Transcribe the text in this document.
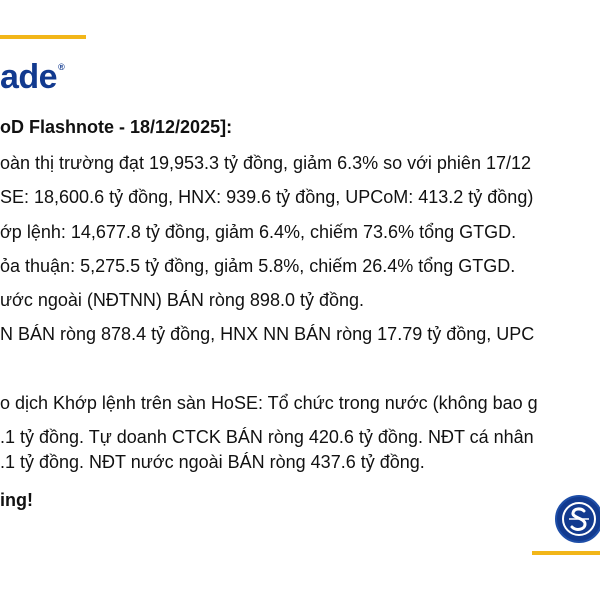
ade®
oD Flashnote - 18/12/2025]:
oàn thị trường đạt 19,953.3 tỷ đồng, giảm 6.3% so với phiên 17/12
SE: 18,600.6 tỷ đồng, HNX: 939.6 tỷ đồng, UPCoM: 413.2 tỷ đồng)
ớp lệnh: 14,677.8 tỷ đồng, giảm 6.4%, chiếm 73.6% tổng GTGD.
ỏa thuận: 5,275.5 tỷ đồng, giảm 5.8%, chiếm 26.4% tổng GTGD.
ước ngoài (NĐTNN) BÁN ròng 898.0 tỷ đồng.
N BÁN ròng 878.4 tỷ đồng, HNX NN BÁN ròng 17.79 tỷ đồng, UPC
o dịch Khớp lệnh trên sàn HoSE: Tổ chức trong nước (không bao g
.1 tỷ đồng. Tự doanh CTCK BÁN ròng 420.6 tỷ đồng. NĐT cá nhân
.1 tỷ đồng. NĐT nước ngoài BÁN ròng 437.6 tỷ đồng.
ing!
